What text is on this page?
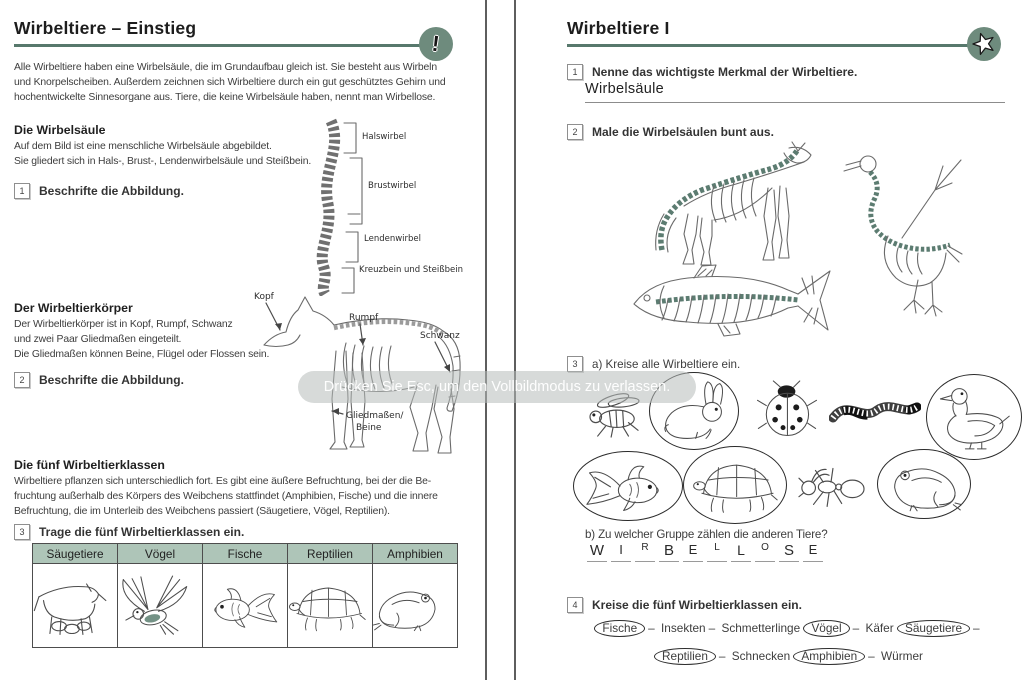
Wirbeltiere – Einstieg
!
Alle Wirbeltiere haben eine Wirbelsäule, die im Grundaufbau gleich ist. Sie besteht aus Wirbeln
und Knorpelscheiben. Außerdem zeichnen sich Wirbeltiere durch ein gut geschütztes Gehirn und
hochentwickelte Sinnesorgane aus. Tiere, die keine Wirbelsäule haben, nennt man Wirbellose.
Die Wirbelsäule
Auf dem Bild ist eine menschliche Wirbelsäule abgebildet.
Sie gliedert sich in Hals-, Brust-, Lendenwirbelsäule und Steißbein.
1	Beschrifte die Abbildung.
Halswirbel
Brustwirbel
Lendenwirbel
Kreuzbein und Steißbein
Der Wirbeltierkörper
Der Wirbeltierkörper ist in Kopf, Rumpf, Schwanz
und zwei Paar Gliedmaßen eingeteilt.
Die Gliedmaßen können Beine, Flügel oder Flossen sein.
2	Beschrifte die Abbildung.
Kopf
Rumpf
Schwanz
Gliedmaßen/
Beine
Die fünf Wirbeltierklassen
Wirbeltiere pflanzen sich unterschiedlich fort. Es gibt eine äußere Befruchtung, bei der die Be-
fruchtung außerhalb des Körpers des Weibchens stattfindet (Amphibien, Fische) und die innere
Befruchtung, die im Unterleib des Weibchens passiert (Säugetiere, Vögel, Reptilien).
3	Trage die fünf Wirbeltierklassen ein.
Säugetiere	Vögel	Fische	Reptilien	Amphibien

Wirbeltiere I
1	Nenne das wichtigste Merkmal der Wirbeltiere.
Wirbelsäule
2	Male die Wirbelsäulen bunt aus.
3	a) Kreise alle Wirbeltiere ein.
b) Zu welcher Gruppe zählen die anderen Tiere?
W	I	R	B	E	L	L	O	S	E
4	Kreise die fünf Wirbeltierklassen ein.
Fische – Insekten – Schmetterlinge Vögel – Käfer Säugetiere –
Reptilien – Schnecken Amphibien – Würmer
Drücken Sie Esc, um den Vollbildmodus zu verlassen.
